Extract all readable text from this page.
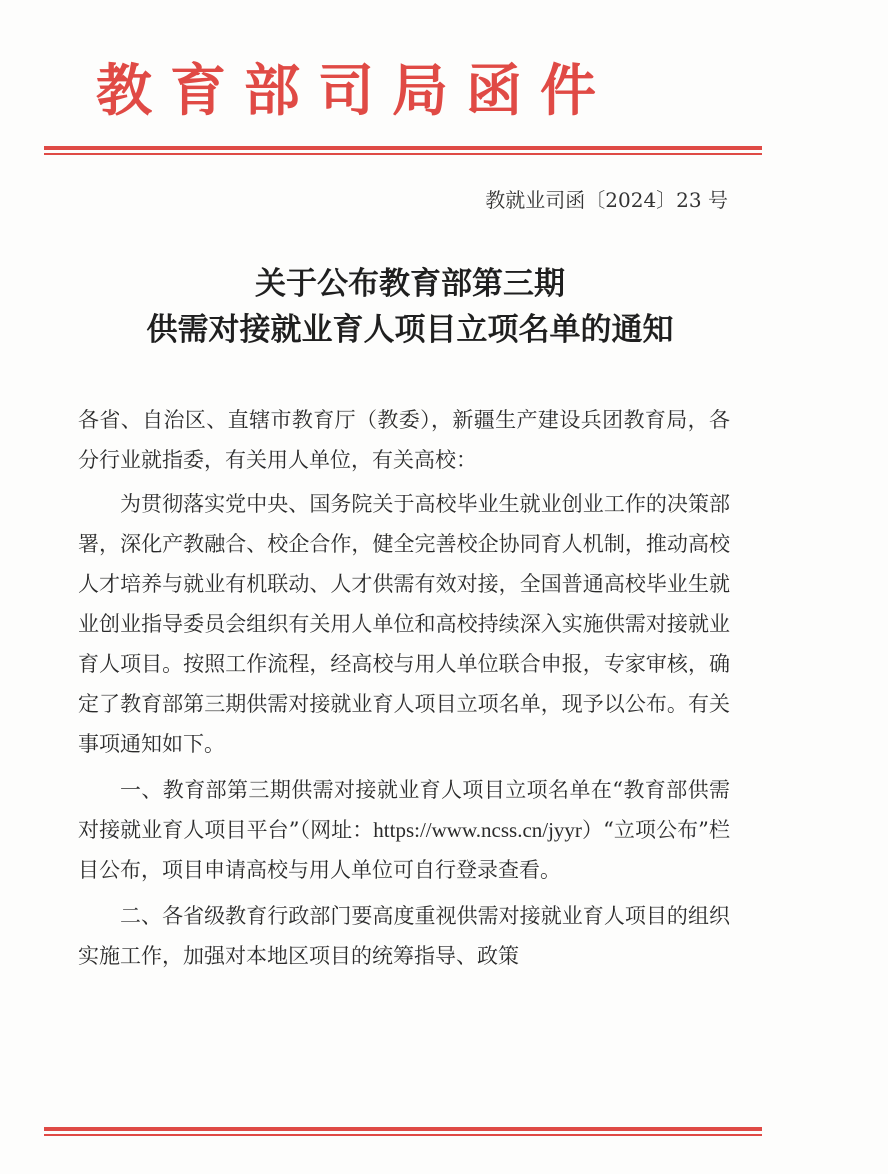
教育部司局函件
教就业司函〔2024〕23 号
关于公布教育部第三期
供需对接就业育人项目立项名单的通知

各省、自治区、直辖市教育厅（教委），新疆生产建设兵团教育局，各分行业就指委，有关用人单位，有关高校：

为贯彻落实党中央、国务院关于高校毕业生就业创业工作的决策部署，深化产教融合、校企合作，健全完善校企协同育人机制，推动高校人才培养与就业有机联动、人才供需有效对接，全国普通高校毕业生就业创业指导委员会组织有关用人单位和高校持续深入实施供需对接就业育人项目。按照工作流程，经高校与用人单位联合申报，专家审核，确定了教育部第三期供需对接就业育人项目立项名单，现予以公布。有关事项通知如下。

一、教育部第三期供需对接就业育人项目立项名单在“教育部供需对接就业育人项目平台”（网址：https://www.ncss.cn/jyyr）“立项公布”栏目公布，项目申请高校与用人单位可自行登录查看。

二、各省级教育行政部门要高度重视供需对接就业育人项目的组织实施工作，加强对本地区项目的统筹指导、政策
